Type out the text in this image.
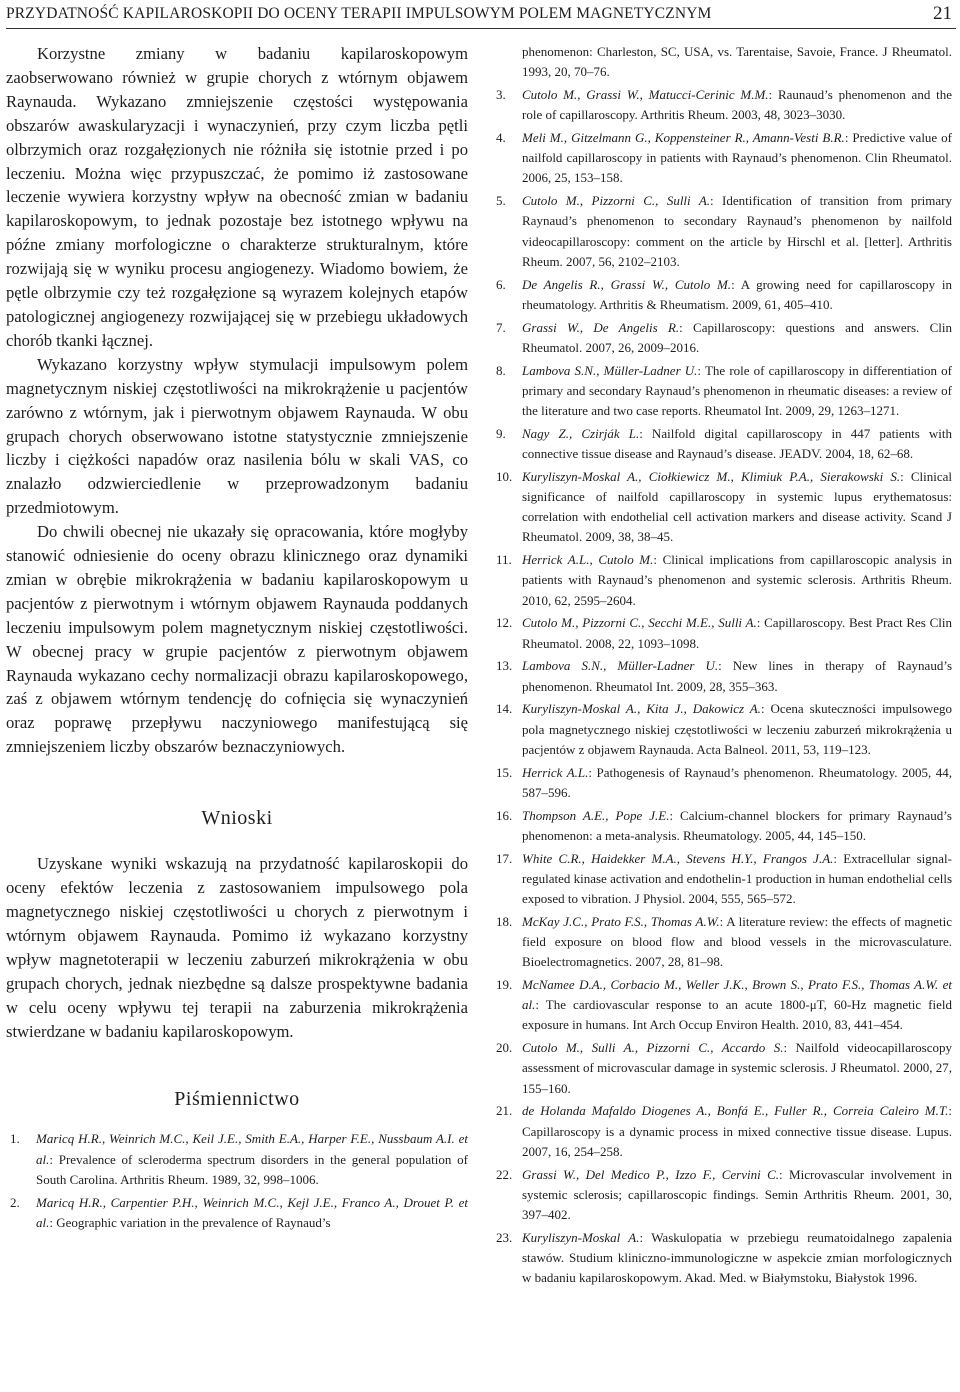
PRZYDATNOŚĆ KAPILAROSKOPII DO OCENY TERAPII IMPULSOWYM POLEM MAGNETYCZNYM	21

Korzystne zmiany w badaniu kapilaroskopowym zaobserwowano również w grupie chorych z wtórnym objawem Raynauda. Wykazano zmniejszenie częstości występowania obszarów awaskularyzacji i wynaczynień, przy czym liczba pętli olbrzymich oraz rozgałęzionych nie różniła się istotnie przed i po leczeniu. Można więc przypuszczać, że pomimo iż zastosowane leczenie wywiera korzystny wpływ na obecność zmian w badaniu kapilaroskopowym, to jednak pozostaje bez istotnego wpływu na późne zmiany morfologiczne o charakterze strukturalnym, które rozwijają się w wyniku procesu angiogenezy. Wiadomo bowiem, że pętle olbrzymie czy też rozgałęzione są wyrazem kolejnych etapów patologicznej angiogenezy rozwijającej się w przebiegu układowych chorób tkanki łącznej.

Wykazano korzystny wpływ stymulacji impulsowym polem magnetycznym niskiej częstotliwości na mikrokrążenie u pacjentów zarówno z wtórnym, jak i pierwotnym objawem Raynauda. W obu grupach chorych obserwowano istotne statystycznie zmniejszenie liczby i ciężkości napadów oraz nasilenia bólu w skali VAS, co znalazło odzwierciedlenie w przeprowadzonym badaniu przedmiotowym.

Do chwili obecnej nie ukazały się opracowania, które mogłyby stanowić odniesienie do oceny obrazu klinicznego oraz dynamiki zmian w obrębie mikrokrążenia w badaniu kapilaroskopowym u pacjentów z pierwotnym i wtórnym objawem Raynauda poddanych leczeniu impulsowym polem magnetycznym niskiej częstotliwości. W obecnej pracy w grupie pacjentów z pierwotnym objawem Raynauda wykazano cechy normalizacji obrazu kapilaroskopowego, zaś z objawem wtórnym tendencję do cofnięcia się wynaczynień oraz poprawę przepływu naczyniowego manifestującą się zmniejszeniem liczby obszarów beznaczyniowych.

Wnioski

Uzyskane wyniki wskazują na przydatność kapilaroskopii do oceny efektów leczenia z zastosowaniem impulsowego pola magnetycznego niskiej częstotliwości u chorych z pierwotnym i wtórnym objawem Raynauda. Pomimo iż wykazano korzystny wpływ magnetoterapii w leczeniu zaburzeń mikrokrążenia w obu grupach chorych, jednak niezbędne są dalsze prospektywne badania w celu oceny wpływu tej terapii na zaburzenia mikrokrążenia stwierdzane w badaniu kapilaroskopowym.

Piśmiennictwo
1. Maricq H.R., Weinrich M.C., Keil J.E., Smith E.A., Harper F.E., Nussbaum A.I. et al.: Prevalence of scleroderma spectrum disorders in the general population of South Carolina. Arthritis Rheum. 1989, 32, 998–1006.
2. Maricq H.R., Carpentier P.H., Weinrich M.C., Kejl J.E., Franco A., Drouet P. et al.: Geographic variation in the prevalence of Raynaud’s

phenomenon: Charleston, SC, USA, vs. Tarentaise, Savoie, France. J Rheumatol. 1993, 20, 70–76.

3. Cutolo M., Grassi W., Matucci-Cerinic M.M.: Raunaud’s phenomenon and the role of capillaroscopy. Arthritis Rheum. 2003, 48, 3023–3030.
4. Meli M., Gitzelmann G., Koppensteiner R., Amann-Vesti B.R.: Predictive value of nailfold capillaroscopy in patients with Raynaud’s phenomenon. Clin Rheumatol. 2006, 25, 153–158.
5. Cutolo M., Pizzorni C., Sulli A.: Identification of transition from primary Raynaud’s phenomenon to secondary Raynaud’s phenomenon by nailfold videocapillaroscopy: comment on the article by Hirschl et al. [letter]. Arthritis Rheum. 2007, 56, 2102–2103.
6. De Angelis R., Grassi W., Cutolo M.: A growing need for capillaroscopy in rheumatology. Arthritis & Rheumatism. 2009, 61, 405–410.
7. Grassi W., De Angelis R.: Capillaroscopy: questions and answers. Clin Rheumatol. 2007, 26, 2009–2016.
8. Lambova S.N., Müller-Ladner U.: The role of capillaroscopy in differentiation of primary and secondary Raynaud’s phenomenon in rheumatic diseases: a review of the literature and two case reports. Rheumatol Int. 2009, 29, 1263–1271.
9. Nagy Z., Czirják L.: Nailfold digital capillaroscopy in 447 patients with connective tissue disease and Raynaud’s disease. JEADV. 2004, 18, 62–68.
10. Kuryliszyn-Moskal A., Ciołkiewicz M., Klimiuk P.A., Sierakowski S.: Clinical significance of nailfold capillaroscopy in systemic lupus erythematosus: correlation with endothelial cell activation markers and disease activity. Scand J Rheumatol. 2009, 38, 38–45.
11. Herrick A.L., Cutolo M.: Clinical implications from capillaroscopic analysis in patients with Raynaud’s phenomenon and systemic sclerosis. Arthritis Rheum. 2010, 62, 2595–2604.
12. Cutolo M., Pizzorni C., Secchi M.E., Sulli A.: Capillaroscopy. Best Pract Res Clin Rheumatol. 2008, 22, 1093–1098.
13. Lambova S.N., Müller-Ladner U.: New lines in therapy of Raynaud’s phenomenon. Rheumatol Int. 2009, 28, 355–363.
14. Kuryliszyn-Moskal A., Kita J., Dakowicz A.: Ocena skuteczności impulsowego pola magnetycznego niskiej częstotliwości w leczeniu zaburzeń mikrokrążenia u pacjentów z objawem Raynauda. Acta Balneol. 2011, 53, 119–123.
15. Herrick A.L.: Pathogenesis of Raynaud’s phenomenon. Rheumatology. 2005, 44, 587–596.
16. Thompson A.E., Pope J.E.: Calcium-channel blockers for primary Raynaud’s phenomenon: a meta-analysis. Rheumatology. 2005, 44, 145–150.
17. White C.R., Haidekker M.A., Stevens H.Y., Frangos J.A.: Extracellular signal-regulated kinase activation and endothelin-1 production in human endothelial cells exposed to vibration. J Physiol. 2004, 555, 565–572.
18. McKay J.C., Prato F.S., Thomas A.W.: A literature review: the effects of magnetic field exposure on blood flow and blood vessels in the microvasculature. Bioelectromagnetics. 2007, 28, 81–98.
19. McNamee D.A., Corbacio M., Weller J.K., Brown S., Prato F.S., Thomas A.W. et al.: The cardiovascular response to an acute 1800-μT, 60-Hz magnetic field exposure in humans. Int Arch Occup Environ Health. 2010, 83, 441–454.
20. Cutolo M., Sulli A., Pizzorni C., Accardo S.: Nailfold videocapillaroscopy assessment of microvascular damage in systemic sclerosis. J Rheumatol. 2000, 27, 155–160.
21. de Holanda Mafaldo Diogenes A., Bonfá E., Fuller R., Correia Caleiro M.T.: Capillaroscopy is a dynamic process in mixed connective tissue disease. Lupus. 2007, 16, 254–258.
22. Grassi W., Del Medico P., Izzo F., Cervini C.: Microvascular involvement in systemic sclerosis; capillaroscopic findings. Semin Arthritis Rheum. 2001, 30, 397–402.
23. Kuryliszyn-Moskal A.: Waskulopatia w przebiegu reumatoidalnego zapalenia stawów. Studium kliniczno-immunologiczne w aspekcie zmian morfologicznych w badaniu kapilaroskopowym. Akad. Med. w Białymstoku, Białystok 1996.
